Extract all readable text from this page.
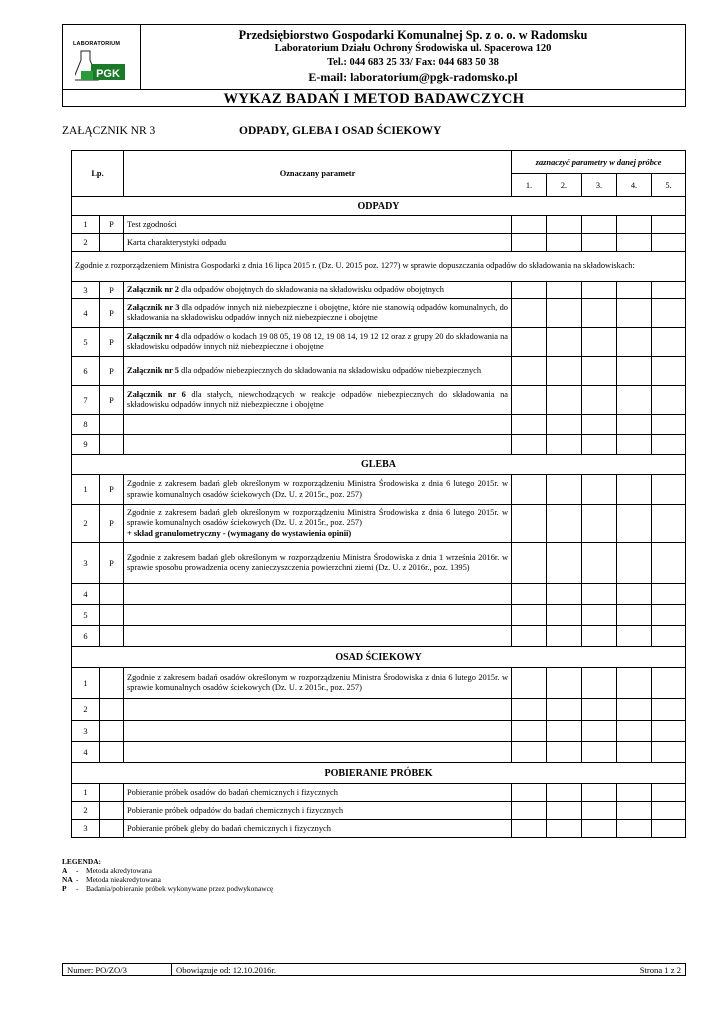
LABORATORIUM
PGK
Przedsiębiorstwo Gospodarki Komunalnej Sp. z o. o. w Radomsku
Laboratorium Działu Ochrony Środowiska ul. Spacerowa 120
Tel.: 044 683 25 33/ Fax: 044 683 50 38
E-mail: laboratorium@pgk-radomsko.pl
WYKAZ BADAŃ I METOD BADAWCZYCH
ZAŁĄCZNIK NR 3	ODPADY, GLEBA I OSAD ŚCIEKOWY
Lp.		Oznaczany parametr	zaznaczyć parametry w danej próbce				
			1.	2.	3.	4.	5.
ODPADY							
1	P	Test zgodności					
2		Karta charakterystyki odpadu					
Zgodnie z rozporządzeniem Ministra Gospodarki z dnia 16 lipca 2015 r. (Dz. U. 2015 poz. 1277) w sprawie dopuszczania odpadów do składowania na składowiskach:							
3	P	Załącznik nr 2 dla odpadów obojętnych do składowania na składowisku odpadów obojętnych					
4	P	Załącznik nr 3 dla odpadów innych niż niebezpieczne i obojętne, które nie stanowią odpadów komunalnych, do składowania na składowisku odpadów innych niż niebezpieczne i obojętne					
5	P	Załącznik nr 4 dla odpadów o kodach 19 08 05, 19 08 12, 19 08 14, 19 12 12 oraz z grupy 20 do składowania na składowisku odpadów innych niż niebezpieczne i obojętne					
6	P	Załącznik nr 5 dla odpadów niebezpiecznych do składowania na składowisku odpadów niebezpiecznych					
7	P	Załącznik nr 6 dla stałych, niewchodzących w reakcje odpadów niebezpiecznych do składowania na składowisku odpadów innych niż niebezpieczne i obojętne					
8							
9							
GLEBA							
1	P	Zgodnie z zakresem badań gleb określonym w rozporządzeniu Ministra Środowiska z dnia 6 lutego 2015r. w sprawie komunalnych osadów ściekowych (Dz. U. z 2015r., poz. 257)					
2	P	Zgodnie z zakresem badań gleb określonym w rozporządzeniu Ministra Środowiska z dnia 6 lutego 2015r. w sprawie komunalnych osadów ściekowych (Dz. U. z 2015r., poz. 257)
+ skład granulometryczny - (wymagany do wystawienia opinii)					
3	P	Zgodnie z zakresem badań gleb określonym w rozporządzeniu Ministra Środowiska z dnia 1 września 2016r. w sprawie sposobu prowadzenia oceny zanieczyszczenia powierzchni ziemi (Dz. U. z 2016r., poz. 1395)					
4							
5							
6							
OSAD ŚCIEKOWY							
1		Zgodnie z zakresem badań osadów określonym w rozporządzeniu Ministra Środowiska z dnia 6 lutego 2015r. w sprawie komunalnych osadów ściekowych (Dz. U. z 2015r., poz. 257)					
2							
3							
4							
POBIERANIE PRÓBEK							
1		Pobieranie próbek osadów do badań chemicznych i fizycznych					
2		Pobieranie próbek odpadów do badań chemicznych i fizycznych					
3		Pobieranie próbek gleby do badań chemicznych i fizycznych					
LEGENDA:
A	-	Metoda akredytowana
NA -	Metoda nieakredytowana
P	-	Badania/pobieranie próbek wykonywane przez podwykonawcę
Numer: PO/ZO/3	Obowiązuje od: 12.10.2016r.	Strona 1 z 2
